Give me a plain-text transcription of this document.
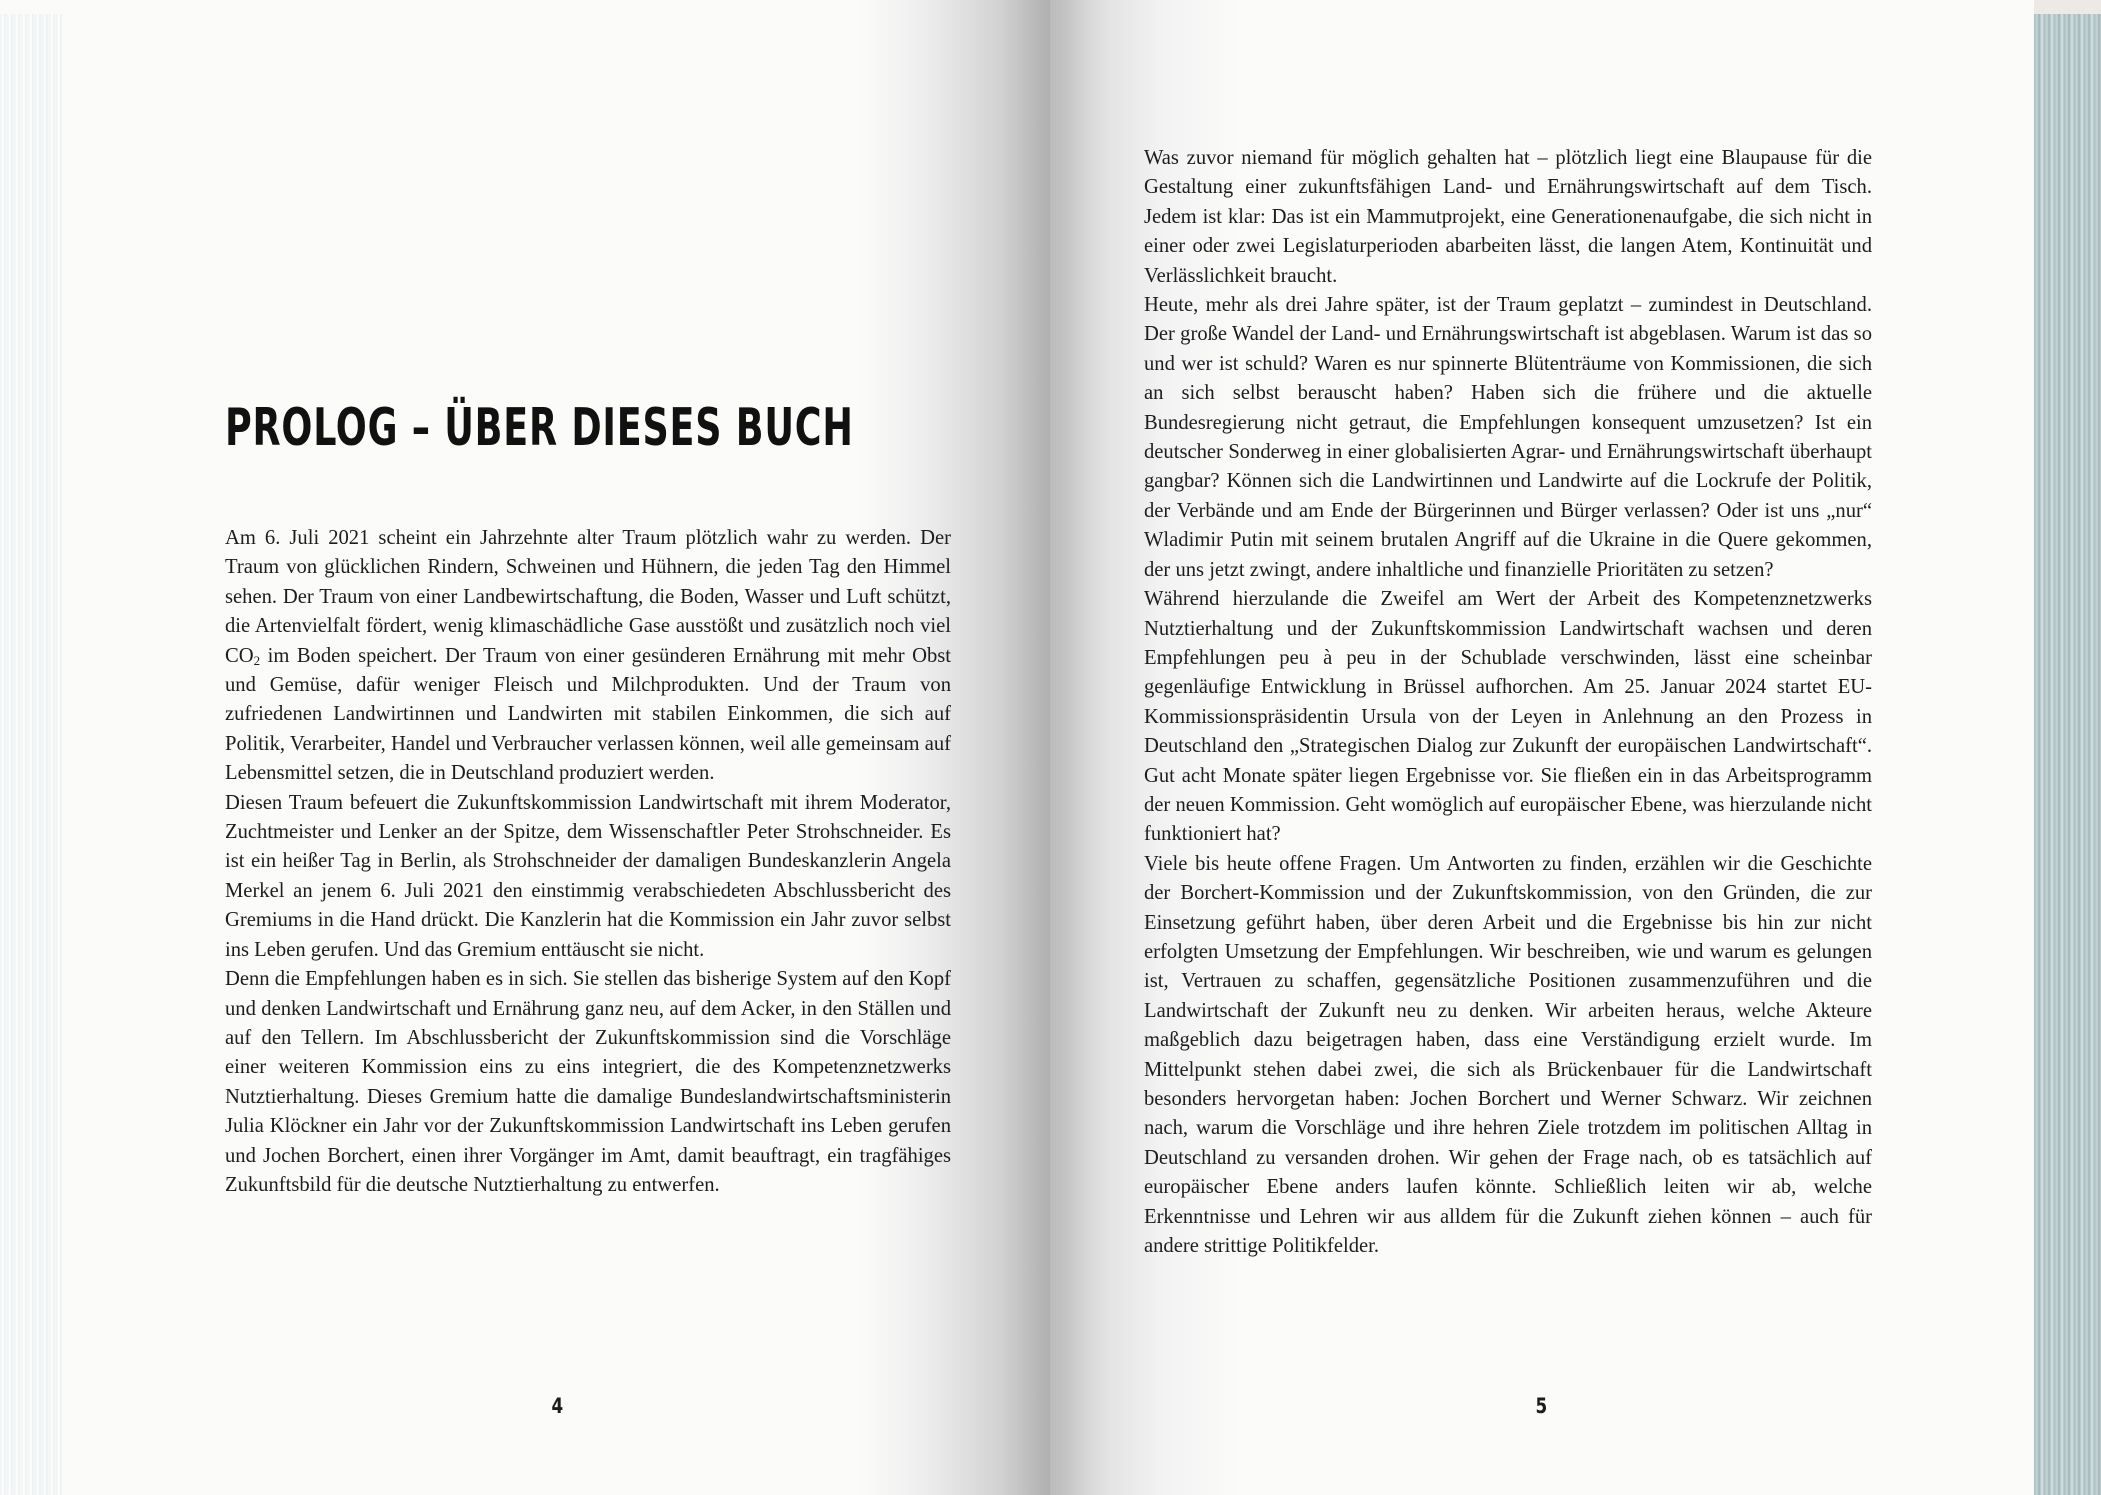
PROLOG – ÜBER DIESES BUCH

Am 6. Juli 2021 scheint ein Jahrzehnte alter Traum plötzlich wahr zu werden. Der Traum von glücklichen Rindern, Schweinen und Hühnern, die jeden Tag den Himmel sehen. Der Traum von einer Landbewirtschaftung, die Boden, Wasser und Luft schützt, die Artenvielfalt fördert, wenig klimaschädliche Gase ausstößt und zusätzlich noch viel $CO_2$ im Boden speichert. Der Traum von einer gesünderen Ernährung mit mehr Obst und Gemüse, dafür weniger Fleisch und Milchprodukten. Und der Traum von zufriedenen Landwirtinnen und Landwirten mit stabilen Einkommen, die sich auf Politik, Verarbeiter, Handel und Verbraucher verlassen können, weil alle gemeinsam auf Lebensmittel setzen, die in Deutschland produziert werden.

Diesen Traum befeuert die Zukunftskommission Landwirtschaft mit ihrem Moderator, Zuchtmeister und Lenker an der Spitze, dem Wissenschaftler Peter Strohschneider. Es ist ein heißer Tag in Berlin, als Strohschneider der damaligen Bundeskanzlerin Angela Merkel an jenem 6. Juli 2021 den einstimmig verabschiedeten Abschlussbericht des Gremiums in die Hand drückt. Die Kanzlerin hat die Kommission ein Jahr zuvor selbst ins Leben gerufen. Und das Gremium enttäuscht sie nicht.

Denn die Empfehlungen haben es in sich. Sie stellen das bisherige System auf den Kopf und denken Landwirtschaft und Ernährung ganz neu, auf dem Acker, in den Ställen und auf den Tellern. Im Abschlussbericht der Zukunftskommission sind die Vorschläge einer weiteren Kommission eins zu eins integriert, die des Kompetenznetzwerks Nutztierhaltung. Dieses Gremium hatte die damalige Bundeslandwirtschaftsministerin Julia Klöckner ein Jahr vor der Zukunftskommission Landwirtschaft ins Leben gerufen und Jochen Borchert, einen ihrer Vorgänger im Amt, damit beauftragt, ein tragfähiges Zukunftsbild für die deutsche Nutztierhaltung zu entwerfen.

4

Was zuvor niemand für möglich gehalten hat – plötzlich liegt eine Blaupause für die Gestaltung einer zukunftsfähigen Land- und Ernährungswirtschaft auf dem Tisch. Jedem ist klar: Das ist ein Mammutprojekt, eine Generationenaufgabe, die sich nicht in einer oder zwei Legislaturperioden abarbeiten lässt, die langen Atem, Kontinuität und Verlässlichkeit braucht.

Heute, mehr als drei Jahre später, ist der Traum geplatzt – zumindest in Deutschland. Der große Wandel der Land- und Ernährungswirtschaft ist abgeblasen. Warum ist das so und wer ist schuld? Waren es nur spinnerte Blütenträume von Kommissionen, die sich an sich selbst berauscht haben? Haben sich die frühere und die aktuelle Bundesregierung nicht getraut, die Empfehlungen konsequent umzusetzen? Ist ein deutscher Sonderweg in einer globalisierten Agrar- und Ernährungswirtschaft überhaupt gangbar? Können sich die Landwirtinnen und Landwirte auf die Lockrufe der Politik, der Verbände und am Ende der Bürgerinnen und Bürger verlassen? Oder ist uns „nur“ Wladimir Putin mit seinem brutalen Angriff auf die Ukraine in die Quere gekommen, der uns jetzt zwingt, andere inhaltliche und finanzielle Prioritäten zu setzen?

Während hierzulande die Zweifel am Wert der Arbeit des Kompetenznetzwerks Nutztierhaltung und der Zukunftskommission Landwirtschaft wachsen und deren Empfehlungen peu à peu in der Schublade verschwinden, lässt eine scheinbar gegenläufige Entwicklung in Brüssel aufhorchen. Am 25. Januar 2024 startet EU-Kommissionspräsidentin Ursula von der Leyen in Anlehnung an den Prozess in Deutschland den „Strategischen Dialog zur Zukunft der europäischen Landwirtschaft“. Gut acht Monate später liegen Ergebnisse vor. Sie fließen ein in das Arbeitsprogramm der neuen Kommission. Geht womöglich auf europäischer Ebene, was hierzulande nicht funktioniert hat?

Viele bis heute offene Fragen. Um Antworten zu finden, erzählen wir die Geschichte der Borchert-Kommission und der Zukunftskommission, von den Gründen, die zur Einsetzung geführt haben, über deren Arbeit und die Ergebnisse bis hin zur nicht erfolgten Umsetzung der Empfehlungen. Wir beschreiben, wie und warum es gelungen ist, Vertrauen zu schaffen, gegensätzliche Positionen zusammenzuführen und die Landwirtschaft der Zukunft neu zu denken. Wir arbeiten heraus, welche Akteure maßgeblich dazu beigetragen haben, dass eine Verständigung erzielt wurde. Im Mittelpunkt stehen dabei zwei, die sich als Brückenbauer für die Landwirtschaft besonders hervorgetan haben: Jochen Borchert und Werner Schwarz. Wir zeichnen nach, warum die Vorschläge und ihre hehren Ziele trotzdem im politischen Alltag in Deutschland zu versanden drohen. Wir gehen der Frage nach, ob es tatsächlich auf europäischer Ebene anders laufen könnte. Schließlich leiten wir ab, welche Erkenntnisse und Lehren wir aus alldem für die Zukunft ziehen können – auch für andere strittige Politikfelder.

5
